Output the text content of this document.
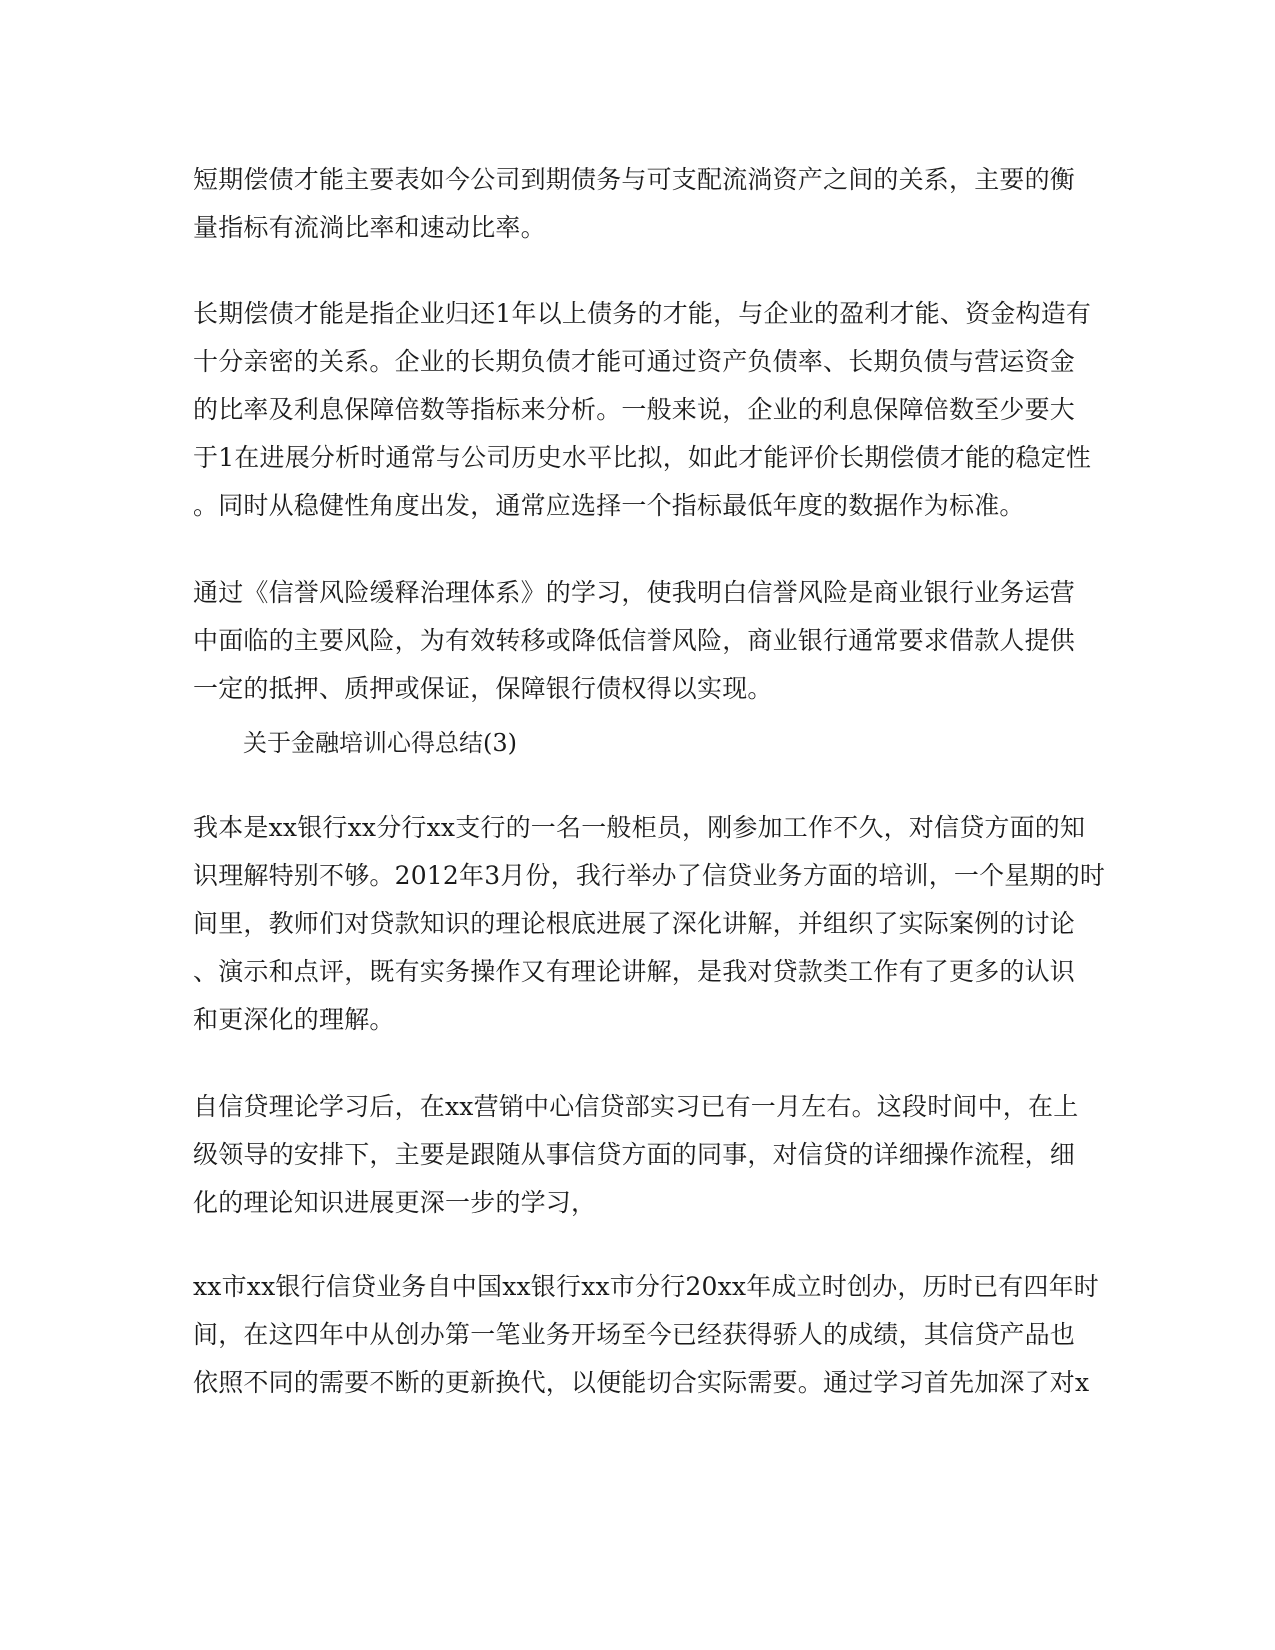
短期偿债才能主要表如今公司到期债务与可支配流淌资产之间的关系，主要的衡
量指标有流淌比率和速动比率。
长期偿债才能是指企业归还1年以上债务的才能，与企业的盈利才能、资金构造有
十分亲密的关系。企业的长期负债才能可通过资产负债率、长期负债与营运资金
的比率及利息保障倍数等指标来分析。一般来说，企业的利息保障倍数至少要大
于1在进展分析时通常与公司历史水平比拟，如此才能评价长期偿债才能的稳定性
。同时从稳健性角度出发，通常应选择一个指标最低年度的数据作为标准。
通过《信誉风险缓释治理体系》的学习，使我明白信誉风险是商业银行业务运营
中面临的主要风险，为有效转移或降低信誉风险，商业银行通常要求借款人提供
一定的抵押、质押或保证，保障银行债权得以实现。
关于金融培训心得总结(3)
我本是xx银行xx分行xx支行的一名一般柜员，刚参加工作不久，对信贷方面的知
识理解特别不够。2012年3月份，我行举办了信贷业务方面的培训，一个星期的时
间里，教师们对贷款知识的理论根底进展了深化讲解，并组织了实际案例的讨论
、演示和点评，既有实务操作又有理论讲解，是我对贷款类工作有了更多的认识
和更深化的理解。
自信贷理论学习后，在xx营销中心信贷部实习已有一月左右。这段时间中，在上
级领导的安排下，主要是跟随从事信贷方面的同事，对信贷的详细操作流程，细
化的理论知识进展更深一步的学习，
xx市xx银行信贷业务自中国xx银行xx市分行20xx年成立时创办，历时已有四年时
间，在这四年中从创办第一笔业务开场至今已经获得骄人的成绩，其信贷产品也
依照不同的需要不断的更新换代，以便能切合实际需要。通过学习首先加深了对x
